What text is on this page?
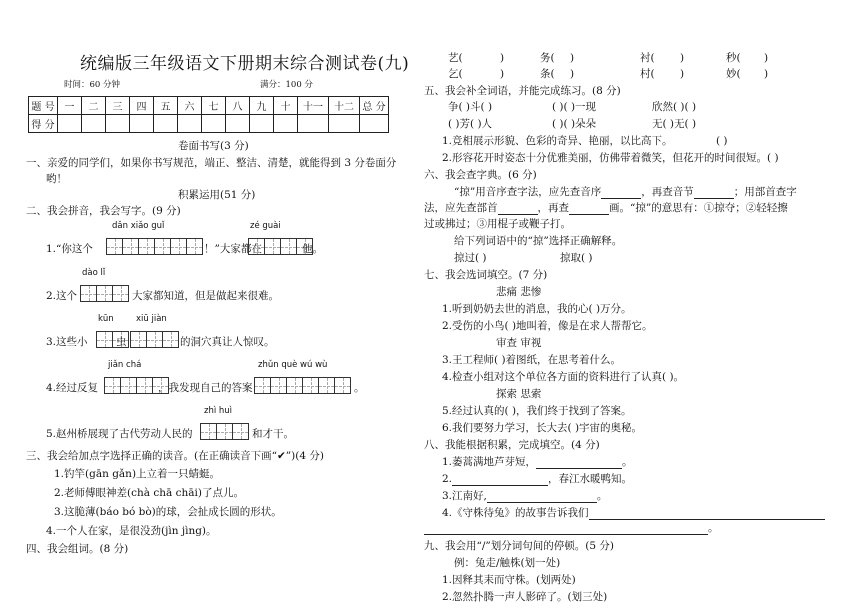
统编版三年级语文下册期末综合测试卷(九)
时间：60 分钟	满分：100 分
题 号	一	二	三	四	五	六	七	八	九	十	十一	十二	总 分
得 分													
卷面书写(3 分)
一、亲爱的同学们，如果你书写规范，端正、整洁、清楚，就能得到 3 分卷面分
哟！
积累运用(51 分)
二、我会拼音，我会写字。(9 分)
dǎn xiǎo guǐ	zé guài
1.“你这个	！”大家都在	他。
dào lǐ
2.这个	大家都知道，但是做起来很难。
kūn	xiū jiàn
3.这些小	虫	的洞穴真让人惊叹。
jiǎn chá	zhǔn què wú wù
4.经过反复	，我发现自己的答案	。
zhì huì
5.赵州桥展现了古代劳动人民的	和才干。
三、我会给加点字选择正确的读音。(在正确读音下画“✔”)(4 分)
1.钓竿(gān gǎn)上立着一只蜻蜓。
2.老师傅眼神差(chà chā chāi)了点儿。
3.这脆薄(báo bó bò)的球，会扯成长圆的形状。
4.一个人在家，是很没劲(jìn jìng)。
四、我会组词。(8 分)
艺(	)	务( )	衬( )	秒( )
乞(	)	条( )	村( )	妙( )
五、我会补全词语，并能完成练习。(8 分)
争( )斗( )	( )( )一现	欣然( )( )
( )芳( )人	( )( )朵朵	无( )无( )
1.竞相展示形貌、色彩的奇异、艳丽，以比高下。	( )
2.形容花开时姿态十分优雅美丽，仿佛带着微笑，但花开的时间很短。( )
六、我会查字典。(6 分)
“掠”用音序查字法，应先查音序	，再查音节	；用部首查字
法，应先查部首	，再查	画。“掠”的意思有：①掠夺；②轻轻擦
过或拂过；③用棍子或鞭子打。
给下列词语中的“掠”选择正确解释。
掠过( )	掠取( )
七、我会选词填空。(7 分)
悲痛 悲惨
1.听到奶奶去世的消息，我的心( )万分。
2.受伤的小鸟( )地叫着，像是在求人帮帮它。
审查 审视
3.王工程师( )着图纸，在思考着什么。
4.检查小组对这个单位各方面的资料进行了认真( )。
探索 思索
5.经过认真的( )，我们终于找到了答案。
6.我们要努力学习，长大去( )宇宙的奥秘。
八、我能根据积累，完成填空。(4 分)
1.萎蒿满地芦芽短，	。
2.	，春江水暖鸭知。
3.江南好,	。
4.《守株待兔》的故事告诉我们
。
九、我会用“/”划分词句间的停顿。(5 分)
例：兔走/触株(划一处)
1.因释其耒而守株。(划两处)
2.忽然扑腾一声人影碎了。(划三处)
